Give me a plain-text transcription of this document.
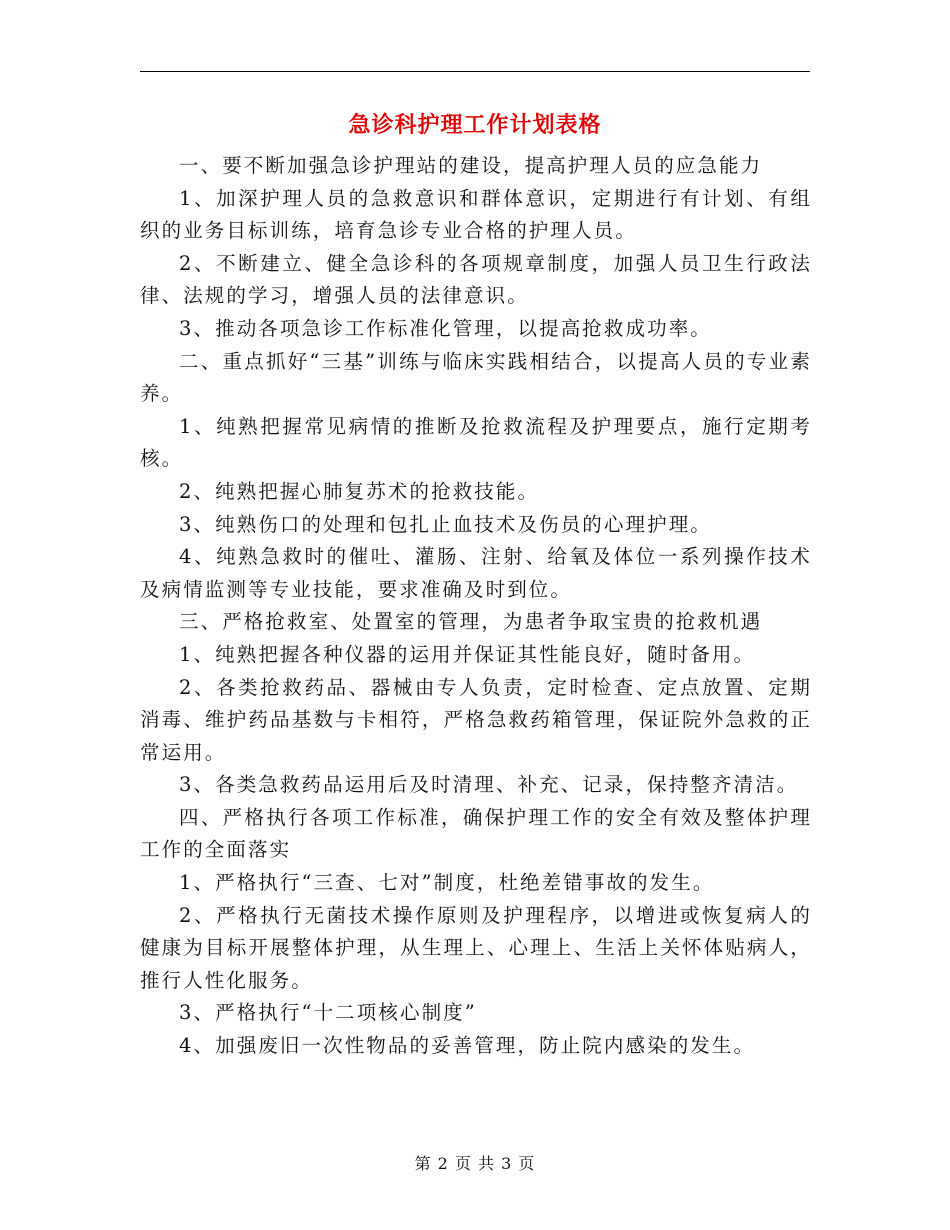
急诊科护理工作计划表格

一、要不断加强急诊护理站的建设，提高护理人员的应急能力

1、加深护理人员的急救意识和群体意识，定期进行有计划、有组织的业务目标训练，培育急诊专业合格的护理人员。

2、不断建立、健全急诊科的各项规章制度，加强人员卫生行政法律、法规的学习，增强人员的法律意识。

3、推动各项急诊工作标准化管理，以提高抢救成功率。

二、重点抓好“三基”训练与临床实践相结合，以提高人员的专业素养。

1、纯熟把握常见病情的推断及抢救流程及护理要点，施行定期考核。

2、纯熟把握心肺复苏术的抢救技能。

3、纯熟伤口的处理和包扎止血技术及伤员的心理护理。

4、纯熟急救时的催吐、灌肠、注射、给氧及体位一系列操作技术及病情监测等专业技能，要求准确及时到位。

三、严格抢救室、处置室的管理，为患者争取宝贵的抢救机遇

1、纯熟把握各种仪器的运用并保证其性能良好，随时备用。

2、各类抢救药品、器械由专人负责，定时检查、定点放置、定期消毒、维护药品基数与卡相符，严格急救药箱管理，保证院外急救的正常运用。

3、各类急救药品运用后及时清理、补充、记录，保持整齐清洁。

四、严格执行各项工作标准，确保护理工作的安全有效及整体护理工作的全面落实

1、严格执行“三查、七对”制度，杜绝差错事故的发生。

2、严格执行无菌技术操作原则及护理程序，以增进或恢复病人的健康为目标开展整体护理，从生理上、心理上、生活上关怀体贴病人，推行人性化服务。

3、严格执行“十二项核心制度”

4、加强废旧一次性物品的妥善管理，防止院内感染的发生。

第 2 页 共 3 页
